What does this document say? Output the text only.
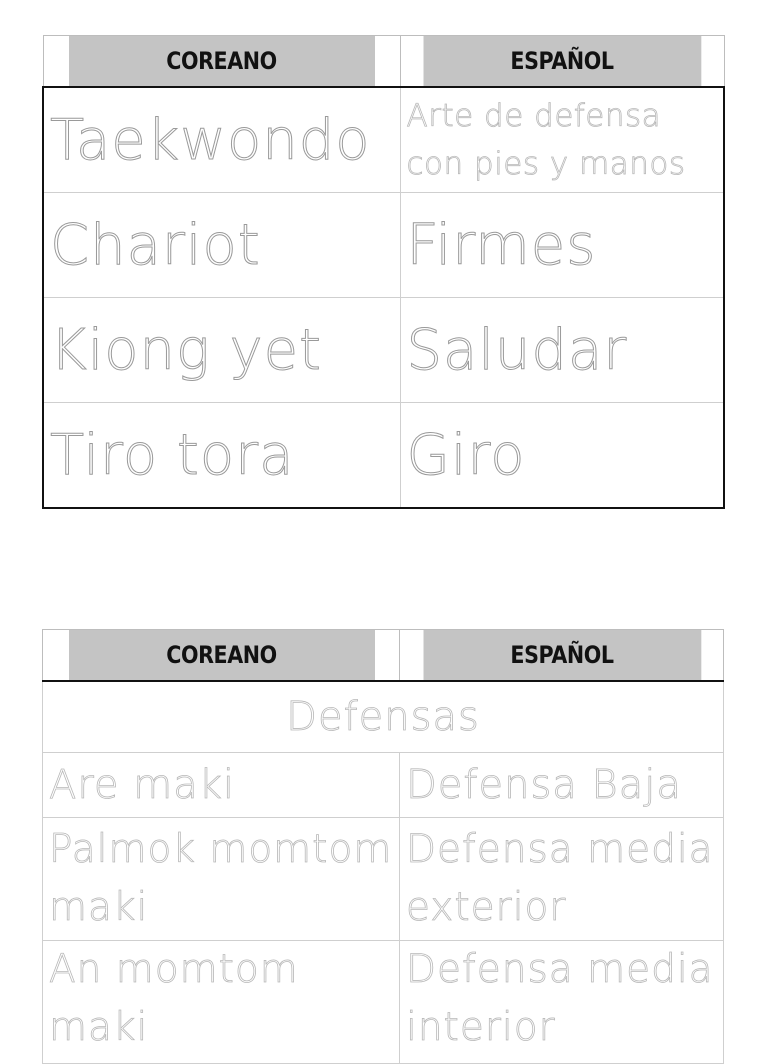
COREANO	ESPAÑOL
Taekwondo	Arte de defensa con pies y manos
Chariot	Firmes
Kiong yet	Saludar
Tiro tora	Giro
COREANO	ESPAÑOL
Defensas	
Are maki	Defensa Baja
Palmok momtom maki	Defensa media exterior
An momtom maki	Defensa media interior
